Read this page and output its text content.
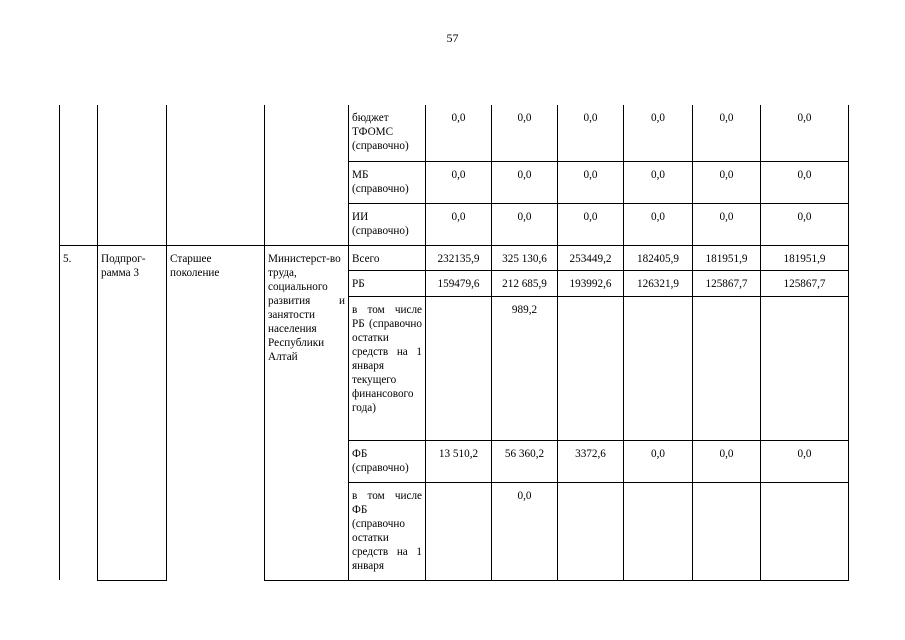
57
				бюджет ТФОМС (справочно)	0,0	0,0	0,0	0,0	0,0	0,0
				МБ (справочно)	0,0	0,0	0,0	0,0	0,0	0,0
				ИИ (справочно)	0,0	0,0	0,0	0,0	0,0	0,0

5.	Подпрог-рамма 3	Старшее поколение	Министерст-во труда, социального развития и занятости населения Республики Алтай	Всего	232135,9	325 130,6	253449,2	182405,9	181951,9	181951,9
				РБ	159479,6	212 685,9	193992,6	126321,9	125867,7	125867,7
				в том числе РБ (справочно остатки средств на 1 января текущего финансового года)		989,2				
				ФБ (справочно)	13 510,2	56 360,2	3372,6	0,0	0,0	0,0
				в том числе ФБ (справочно остатки средств на 1 января		0,0				
